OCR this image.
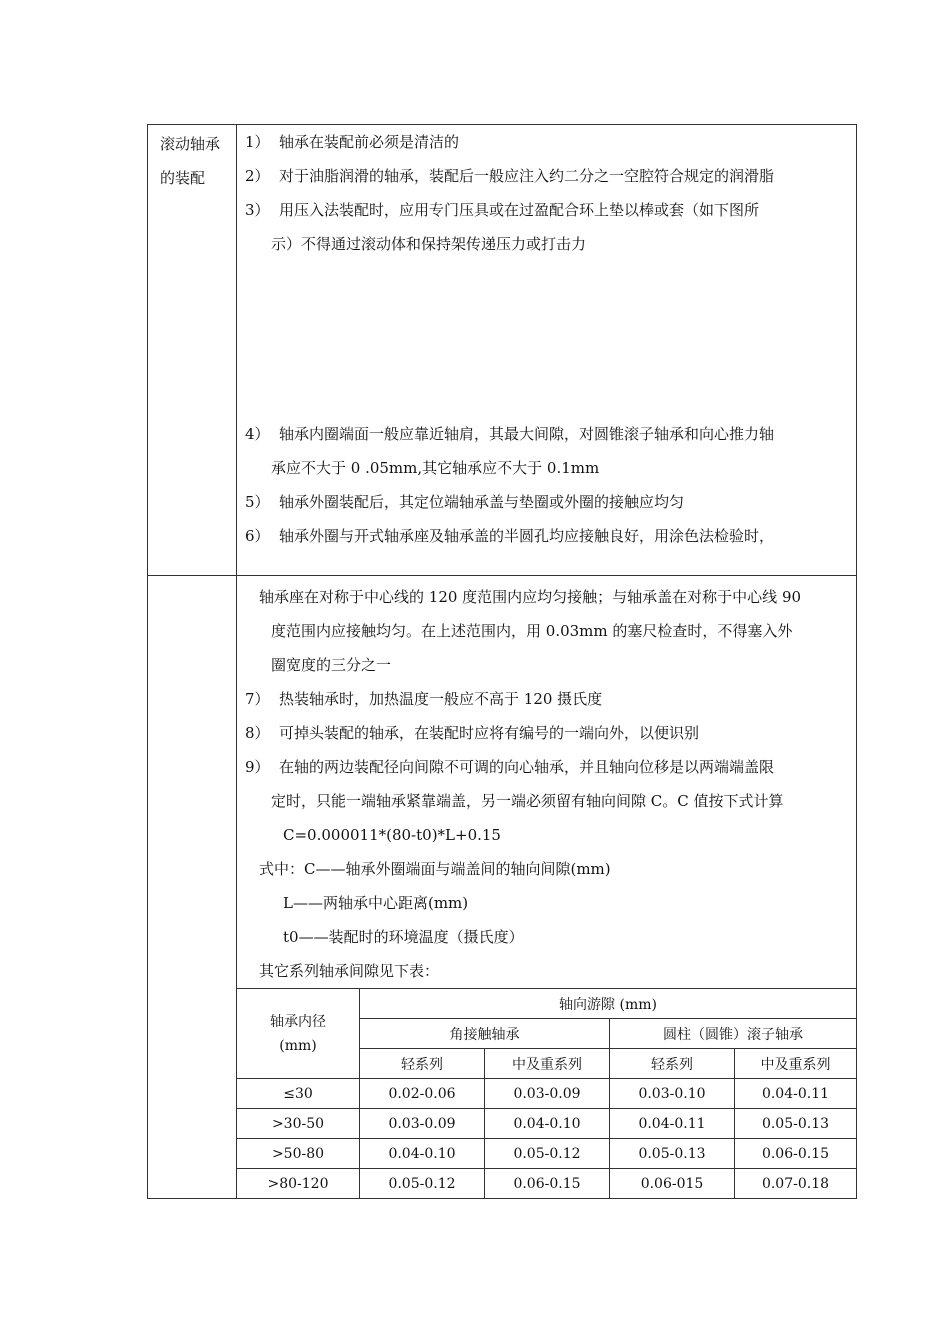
滚动轴承
的装配

1） 轴承在装配前必须是清洁的
2） 对于油脂润滑的轴承，装配后一般应注入约二分之一空腔符合规定的润滑脂
3） 用压入法装配时，应用专门压具或在过盈配合环上垫以棒或套（如下图所
示）不得通过滚动体和保持架传递压力或打击力
4） 轴承内圈端面一般应靠近轴肩，其最大间隙，对圆锥滚子轴承和向心推力轴
承应不大于 0 .05mm,其它轴承应不大于 0.1mm
5） 轴承外圈装配后，其定位端轴承盖与垫圈或外圈的接触应均匀
6） 轴承外圈与开式轴承座及轴承盖的半圆孔均应接触良好，用涂色法检验时，

轴承座在对称于中心线的 120 度范围内应均匀接触；与轴承盖在对称于中心线 90
度范围内应接触均匀。在上述范围内，用 0.03mm 的塞尺检查时，不得塞入外
圈宽度的三分之一
7） 热装轴承时，加热温度一般应不高于 120 摄氏度
8） 可掉头装配的轴承，在装配时应将有编号的一端向外，以便识别
9） 在轴的两边装配径向间隙不可调的向心轴承，并且轴向位移是以两端端盖限
定时，只能一端轴承紧靠端盖，另一端必须留有轴向间隙 C。C 值按下式计算
C=0.000011*(80-t0)*L+0.15
式中：C——轴承外圈端面与端盖间的轴向间隙(mm)
L——两轴承中心距离(mm)
t0——装配时的环境温度（摄氏度）
其它系列轴承间隙见下表：
轴承内径
(mm)
	轴向游隙 (mm)
角接触轴承	圆柱（圆锥）滚子轴承
轻系列	中及重系列	轻系列	中及重系列
≤30	0.02-0.06	0.03-0.09	0.03-0.10	0.04-0.11
>30-50	0.03-0.09	0.04-0.10	0.04-0.11	0.05-0.13
>50-80	0.04-0.10	0.05-0.12	0.05-0.13	0.06-0.15
>80-120	0.05-0.12	0.06-0.15	0.06-015	0.07-0.18
